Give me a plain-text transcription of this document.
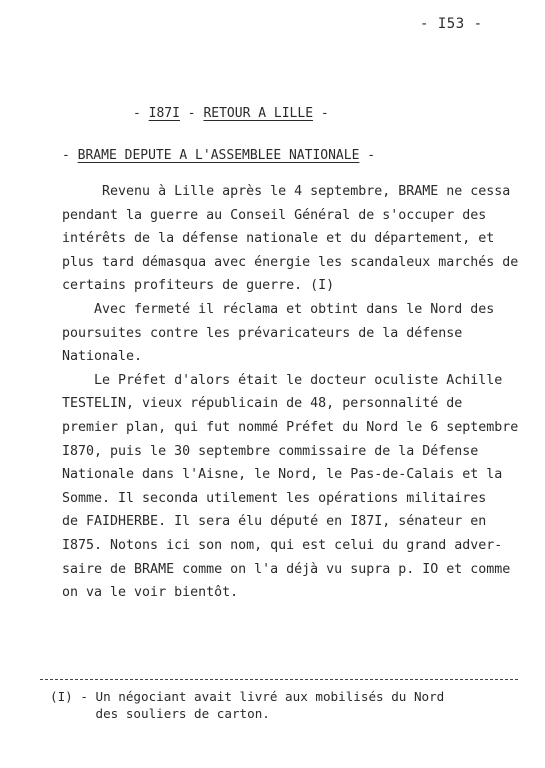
- I53 -
- I87I - RETOUR A LILLE -
- BRAME DEPUTE A L'ASSEMBLEE NATIONALE -
Revenu à Lille après le 4 septembre, BRAME ne cessa
pendant la guerre au Conseil Général de s'occuper des
intérêts de la défense nationale et du département, et
plus tard démasqua avec énergie les scandaleux marchés de
certains profiteurs de guerre. (I)
Avec fermeté il réclama et obtint dans le Nord des
poursuites contre les prévaricateurs de la défense
Nationale.
Le Préfet d'alors était le docteur oculiste Achille
TESTELIN, vieux républicain de 48, personnalité de
premier plan, qui fut nommé Préfet du Nord le 6 septembre
I870, puis le 30 septembre commissaire de la Défense
Nationale dans l'Aisne, le Nord, le Pas-de-Calais et la
Somme. Il seconda utilement les opérations militaires
de FAIDHERBE. Il sera élu député en I87I, sénateur en
I875. Notons ici son nom, qui est celui du grand adver-
saire de BRAME comme on l'a déjà vu supra p. IO et comme
on va le voir bientôt.
(I) - Un négociant avait livré aux mobilisés du Nord
des souliers de carton.
